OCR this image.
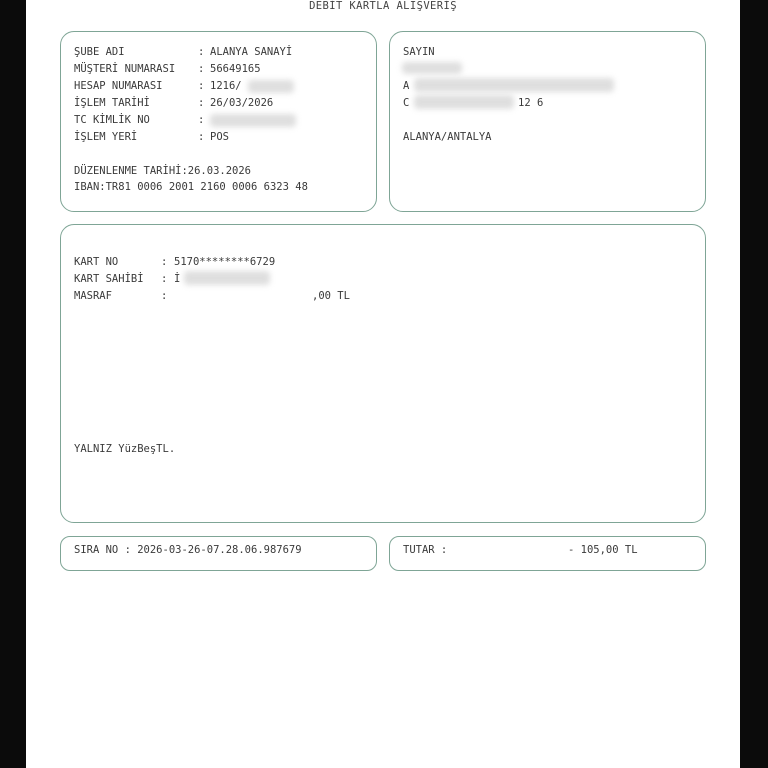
DEBİT KARTLA ALIŞVERİŞ
ŞUBE ADI	: ALANYA SANAYİ
MÜŞTERİ NUMARASI : 56649165
HESAP NUMARASI	: 1216/
İŞLEM TARİHİ	: 26/03/2026
TC KİMLİK NO	:
İŞLEM YERİ	: POS
DÜZENLENME TARİHİ:26.03.2026
IBAN:TR81 0006 2001 2160 0006 6323 48
SAYIN
A
C	12 6
ALANYA/ANTALYA
KART NO	: 5170********6729
KART SAHİBİ : İ
MASRAF	:	,00 TL
YALNIZ YüzBeşTL.
SIRA NO : 2026-03-26-07.28.06.987679	TUTAR :	- 105,00 TL
